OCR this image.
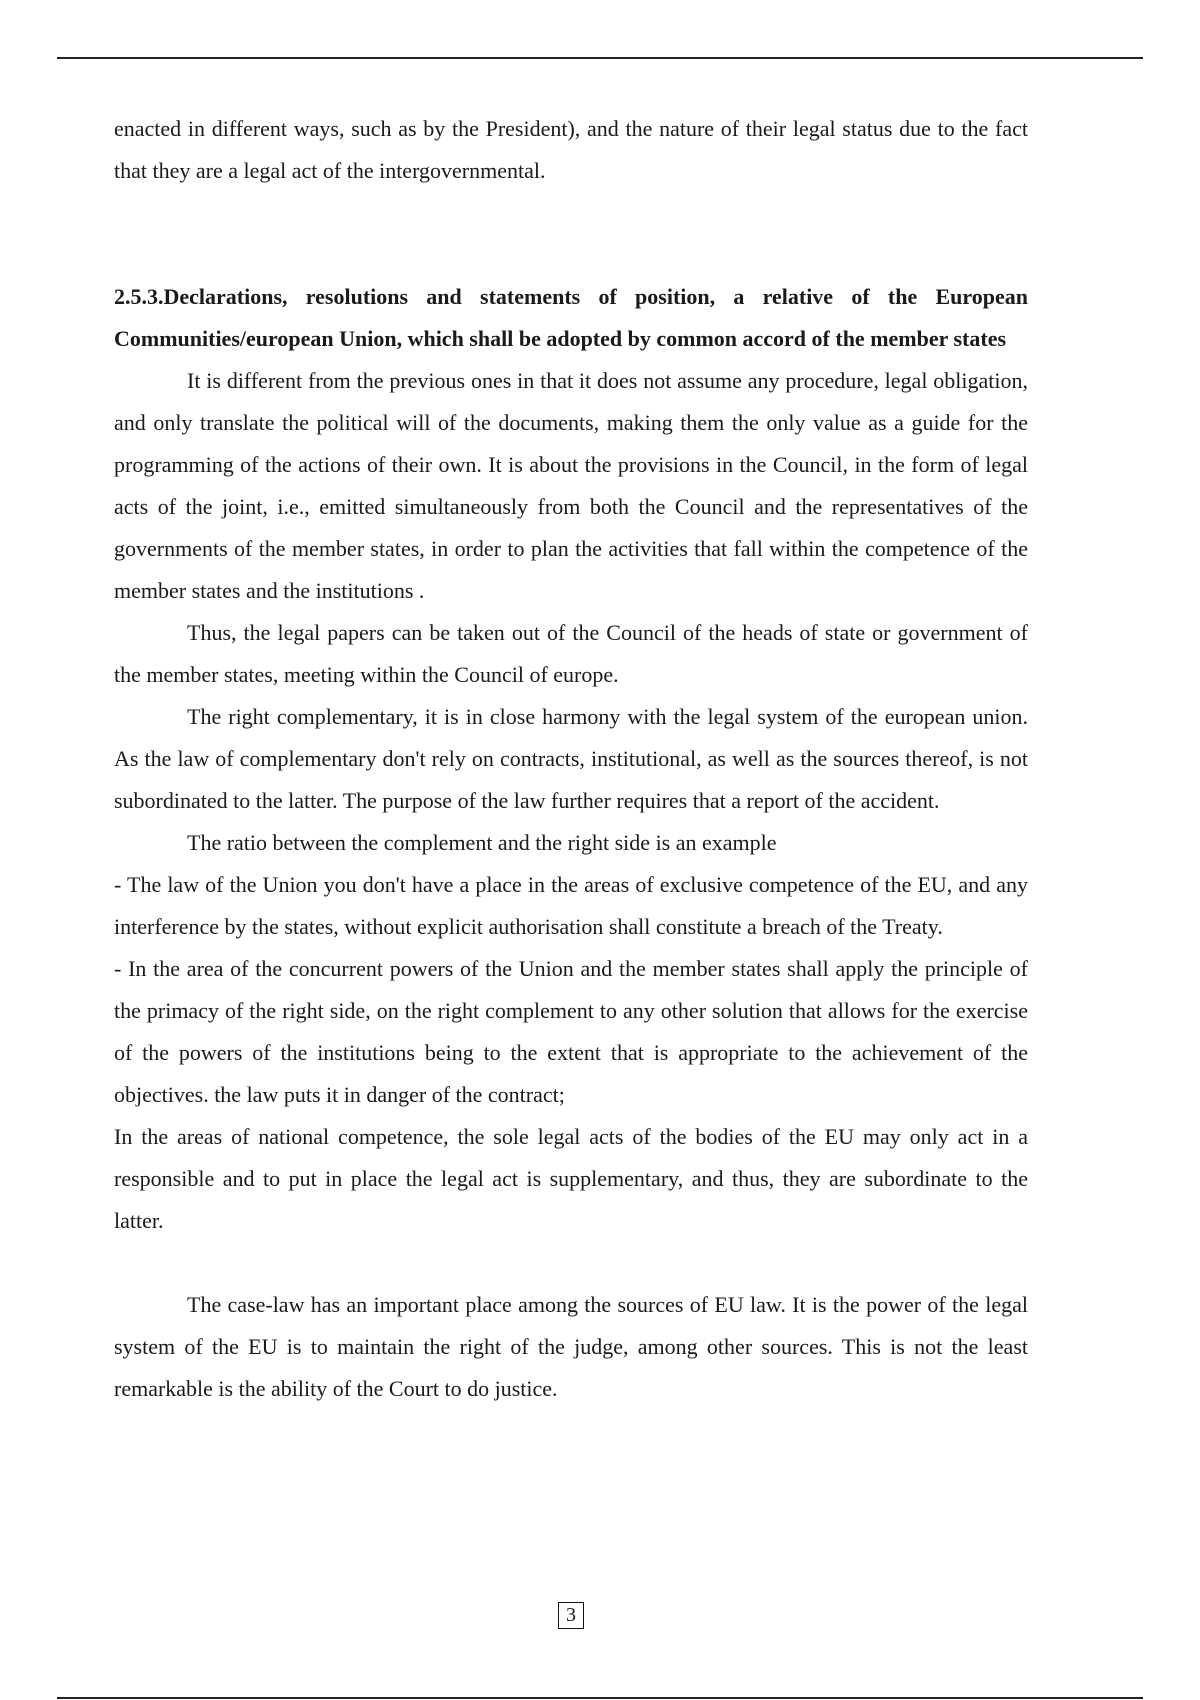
enacted in different ways, such as by the President), and the nature of their legal status due to the fact that they are a legal act of the intergovernmental.

2.5.3.Declarations, resolutions and statements of position, a relative of the European Communities/european Union, which shall be adopted by common accord of the member states

It is different from the previous ones in that it does not assume any procedure, legal obligation, and only translate the political will of the documents, making them the only value as a guide for the programming of the actions of their own. It is about the provisions in the Council, in the form of legal acts of the joint, i.e., emitted simultaneously from both the Council and the representatives of the governments of the member states, in order to plan the activities that fall within the competence of the member states and the institutions .

Thus, the legal papers can be taken out of the Council of the heads of state or government of the member states, meeting within the Council of europe.

The right complementary, it is in close harmony with the legal system of the european union. As the law of complementary don't rely on contracts, institutional, as well as the sources thereof, is not subordinated to the latter. The purpose of the law further requires that a report of the accident.

The ratio between the complement and the right side is an example

- The law of the Union you don't have a place in the areas of exclusive competence of the EU, and any interference by the states, without explicit authorisation shall constitute a breach of the Treaty.

- In the area of the concurrent powers of the Union and the member states shall apply the principle of the primacy of the right side, on the right complement to any other solution that allows for the exercise of the powers of the institutions being to the extent that is appropriate to the achievement of the objectives. the law puts it in danger of the contract;

In the areas of national competence, the sole legal acts of the bodies of the EU may only act in a responsible and to put in place the legal act is supplementary, and thus, they are subordinate to the latter.

The case-law has an important place among the sources of EU law. It is the power of the legal system of the EU is to maintain the right of the judge, among other sources. This is not the least remarkable is the ability of the Court to do justice.

3
